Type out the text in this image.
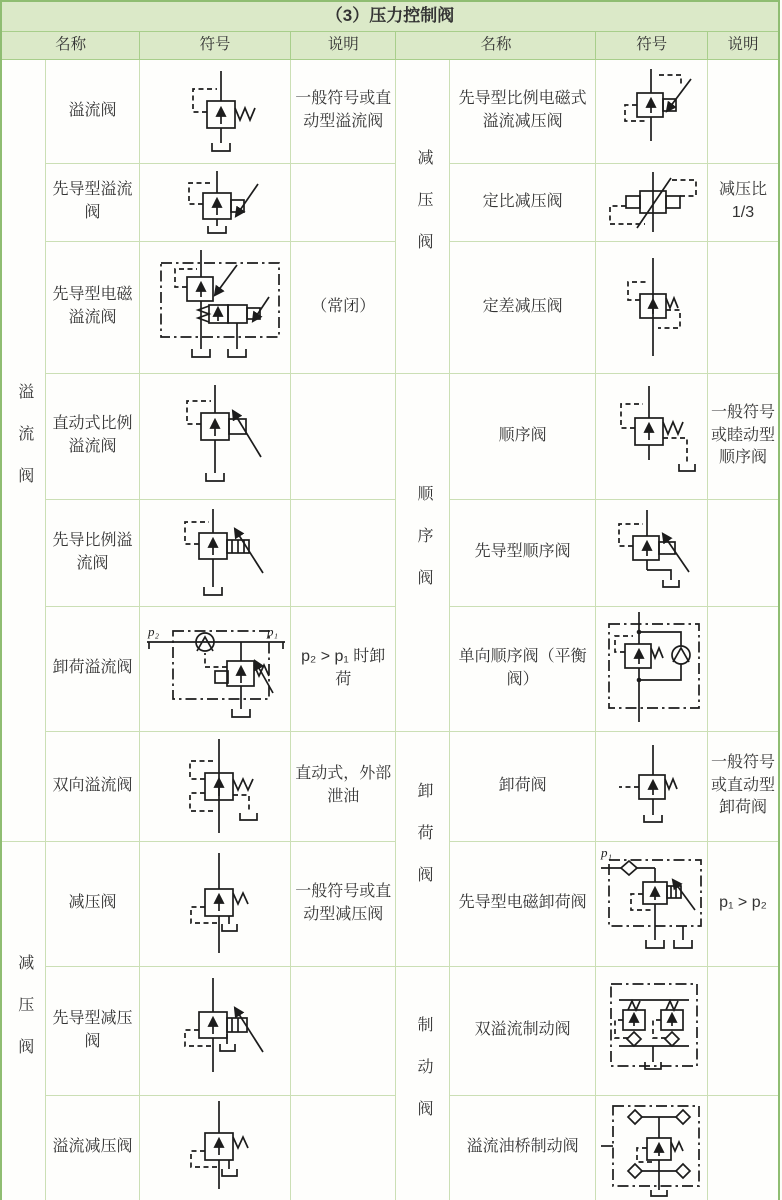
（3）压力控制阀							
名称		符号	说明	名称		符号	说明
溢流阀	溢流阀		一般符号或直动型溢流阀	减压阀	先导型比例电磁式溢流减压阀	

	先导型溢流阀				定比减压阀		减压比1/3
	先导型电磁溢流阀		（常闭）		定差减压阀	

	直动式比例溢流阀			顺序阀	顺序阀		一般符号或睦动型顺序阀
	先导比例溢流阀				先导型顺序阀	

	卸荷溢流阀	p₂ p₁	p₂ > p₁ 时卸荷		单向顺序阀（平衡阀）	

	双向溢流阀		直动式，外部泄油	卸荷阀	卸荷阀		一般符号或直动型卸荷阀
减压阀	减压阀		一般符号或直动型减压阀		先导型电磁卸荷阀	p₁	p₁ > p₂
	先导型减压阀			制动阀	双溢流制动阀	

	溢流减压阀				溢流油桥制动阀	
